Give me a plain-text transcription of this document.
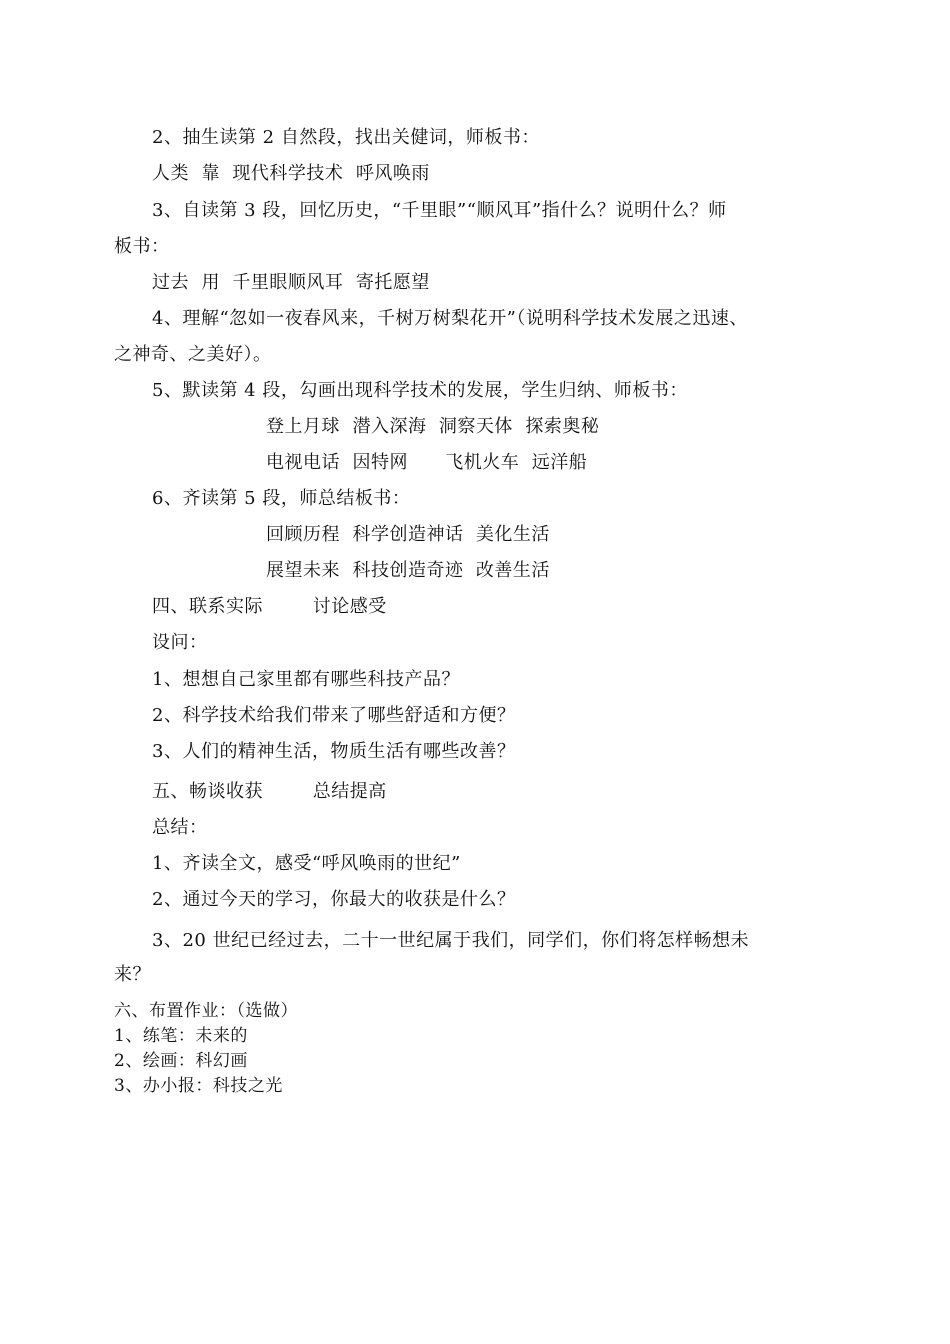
2、抽生读第 2 自然段，找出关健词，师板书：
人类  靠  现代科学技术  呼风唤雨
3、自读第 3 段，回忆历史，“千里眼”“顺风耳”指什么？说明什么？师
板书：
过去  用  千里眼顺风耳  寄托愿望
4、理解“忽如一夜春风来，千树万树梨花开”（说明科学技术发展之迅速、
之神奇、之美好）。
5、默读第 4 段，勾画出现科学技术的发展，学生归纳、师板书：
登上月球  潜入深海  洞察天体  探索奥秘
电视电话  因特网      飞机火车  远洋船
6、齐读第 5 段，师总结板书：
回顾历程  科学创造神话  美化生活
展望未来  科技创造奇迹  改善生活
四、联系实际        讨论感受
设问：
1、想想自己家里都有哪些科技产品？
2、科学技术给我们带来了哪些舒适和方便？
3、人们的精神生活，物质生活有哪些改善？
五、畅谈收获        总结提高
总结：
1、齐读全文，感受“呼风唤雨的世纪”
2、通过今天的学习，你最大的收获是什么？
3、20 世纪已经过去，二十一世纪属于我们，同学们，你们将怎样畅想未
来？
六、布置作业：（选做）
1、练笔：未来的
2、绘画：科幻画
3、办小报：科技之光
